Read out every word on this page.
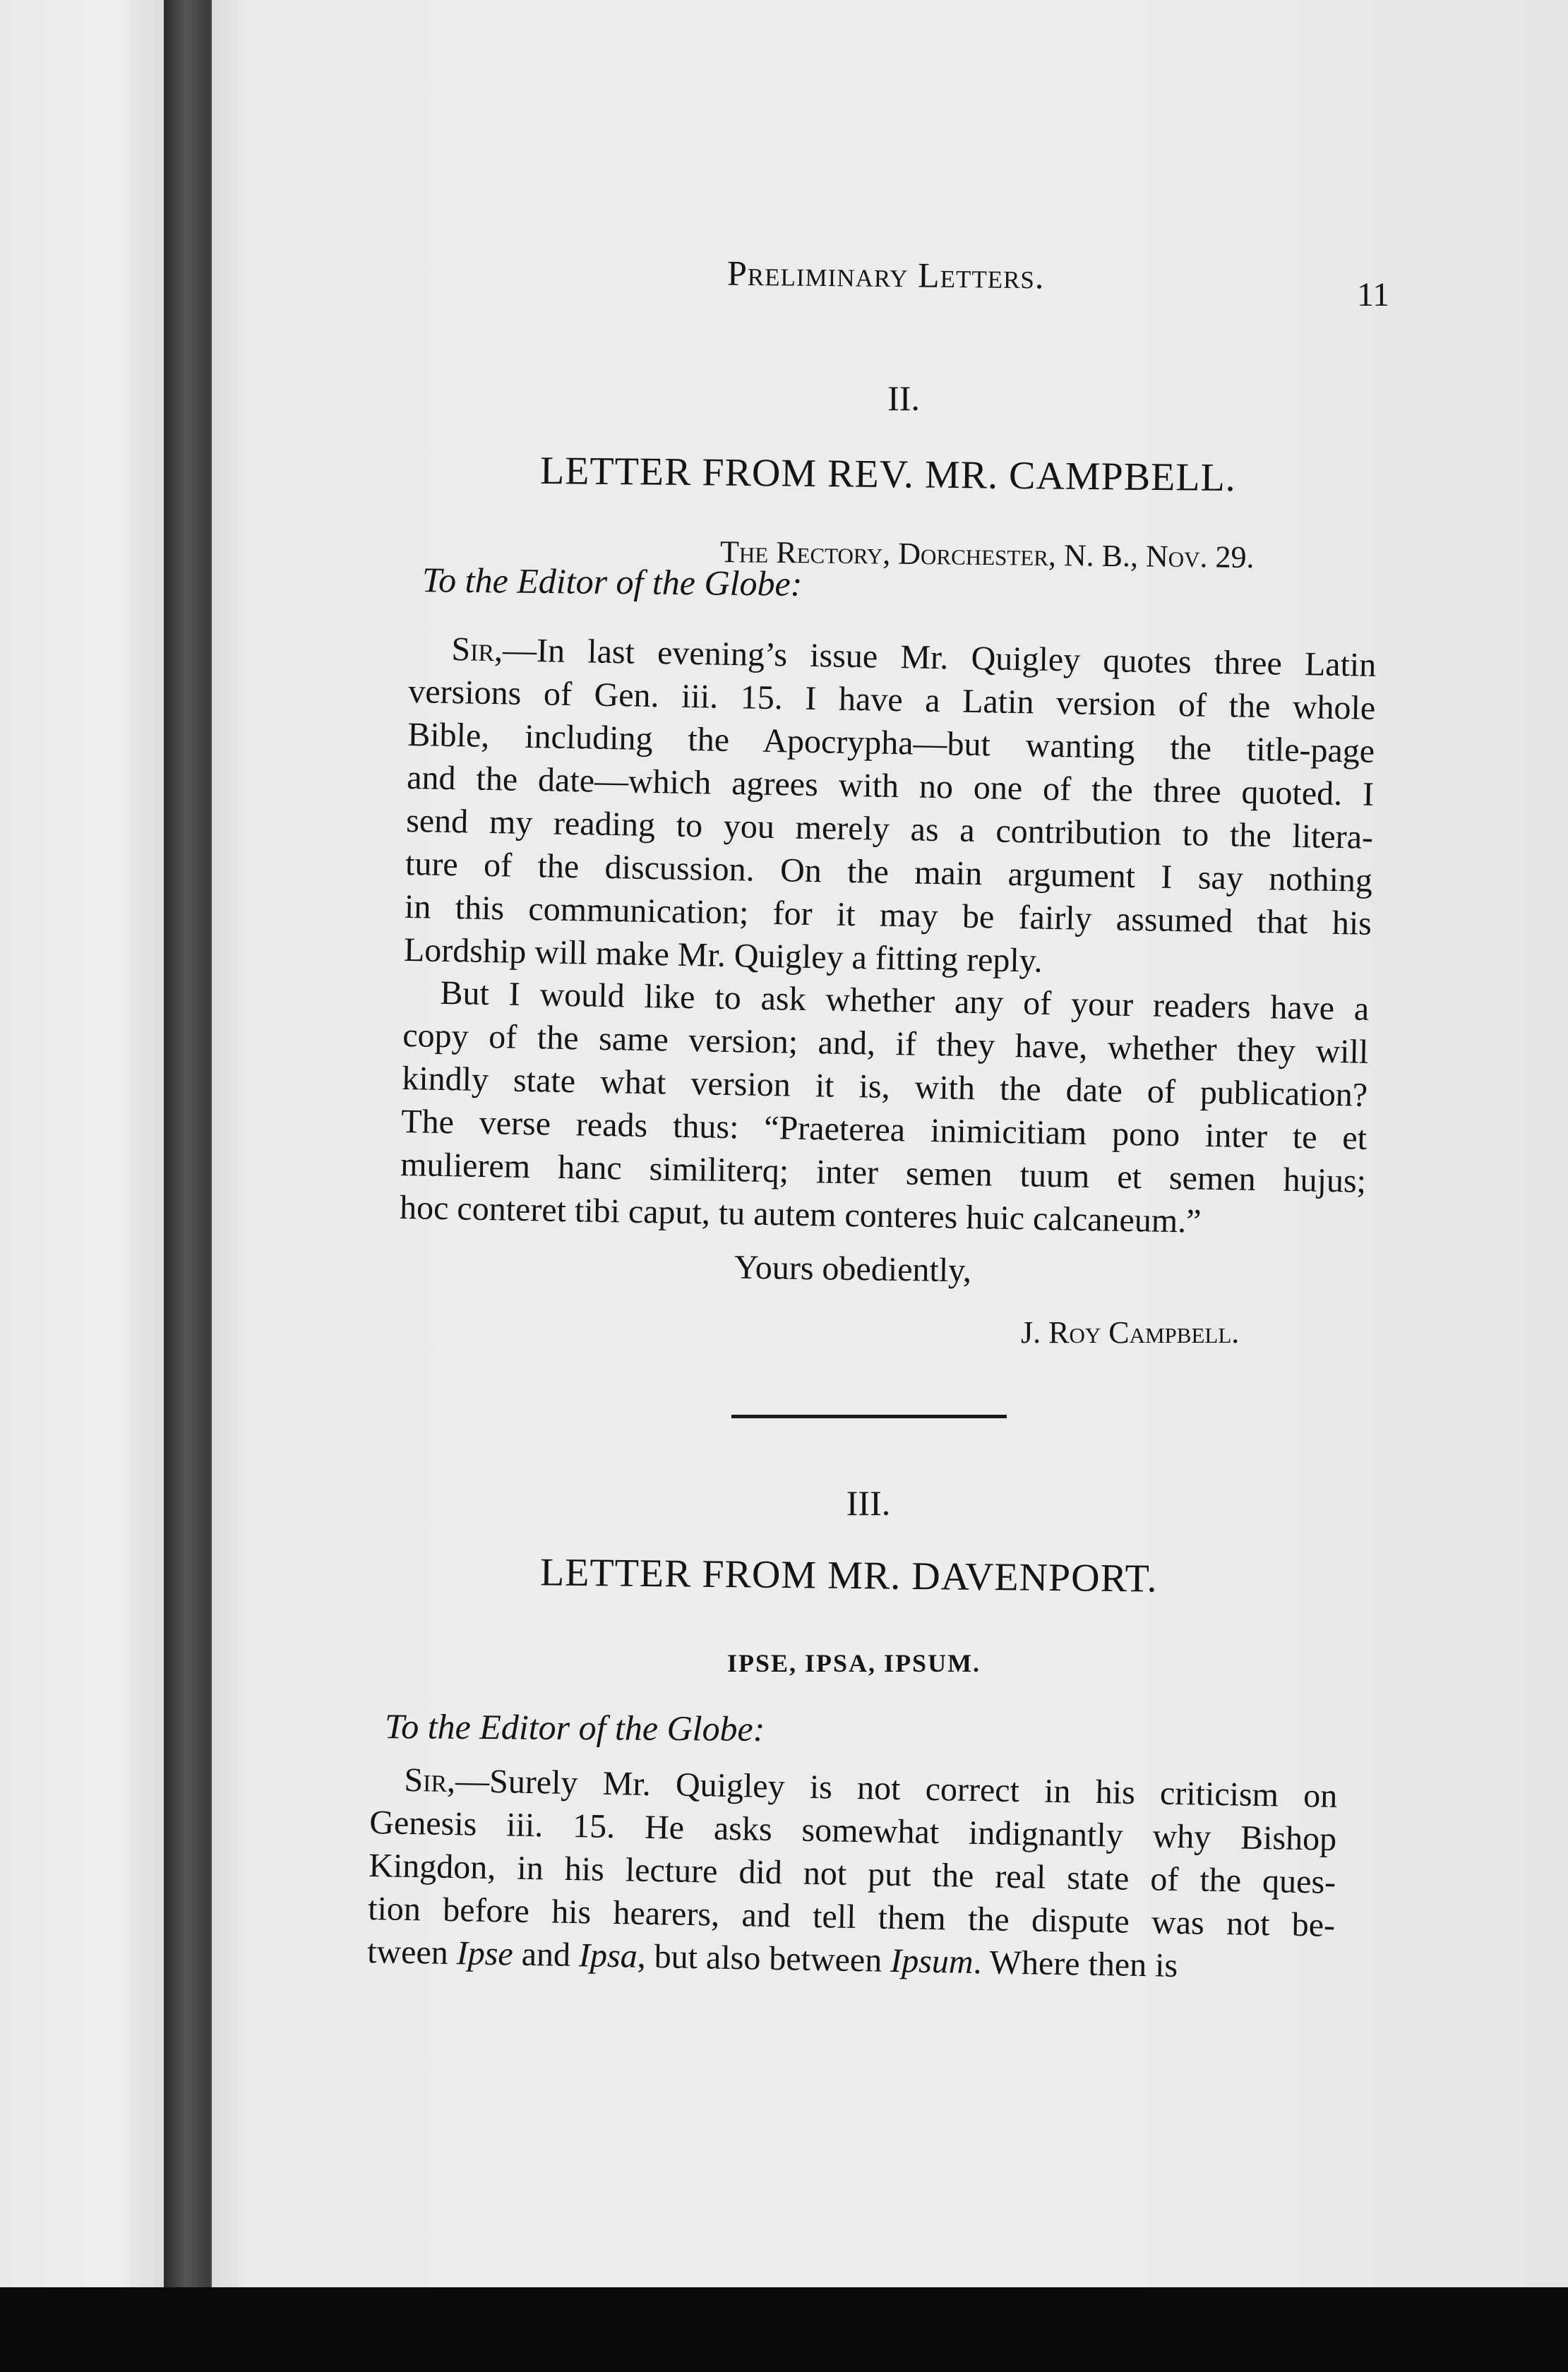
Preliminary Letters.	11
II.
LETTER FROM REV. MR. CAMPBELL.
The Rectory, Dorchester, N. B., Nov. 29.
To the Editor of the Globe:
Sir,—In last evening’s issue Mr. Quigley quotes three Latin
versions of Gen. iii. 15. I have a Latin version of the whole
Bible, including the Apocrypha—but wanting the title-page
and the date—which agrees with no one of the three quoted. I
send my reading to you merely as a contribution to the litera-
ture of the discussion. On the main argument I say nothing
in this communication; for it may be fairly assumed that his
Lordship will make Mr. Quigley a fitting reply.
But I would like to ask whether any of your readers have a
copy of the same version; and, if they have, whether they will
kindly state what version it is, with the date of publication?
The verse reads thus: “Praeterea inimicitiam pono inter te et
mulierem hanc similiterq; inter semen tuum et semen hujus;
hoc conteret tibi caput, tu autem conteres huic calcaneum.”
Yours obediently,
J. Roy Campbell.
III.
LETTER FROM MR. DAVENPORT.
IPSE, IPSA, IPSUM.
To the Editor of the Globe:
Sir,—Surely Mr. Quigley is not correct in his criticism on
Genesis iii. 15. He asks somewhat indignantly why Bishop
Kingdon, in his lecture did not put the real state of the ques-
tion before his hearers, and tell them the dispute was not be-
tween Ipse and Ipsa, but also between Ipsum. Where then is
